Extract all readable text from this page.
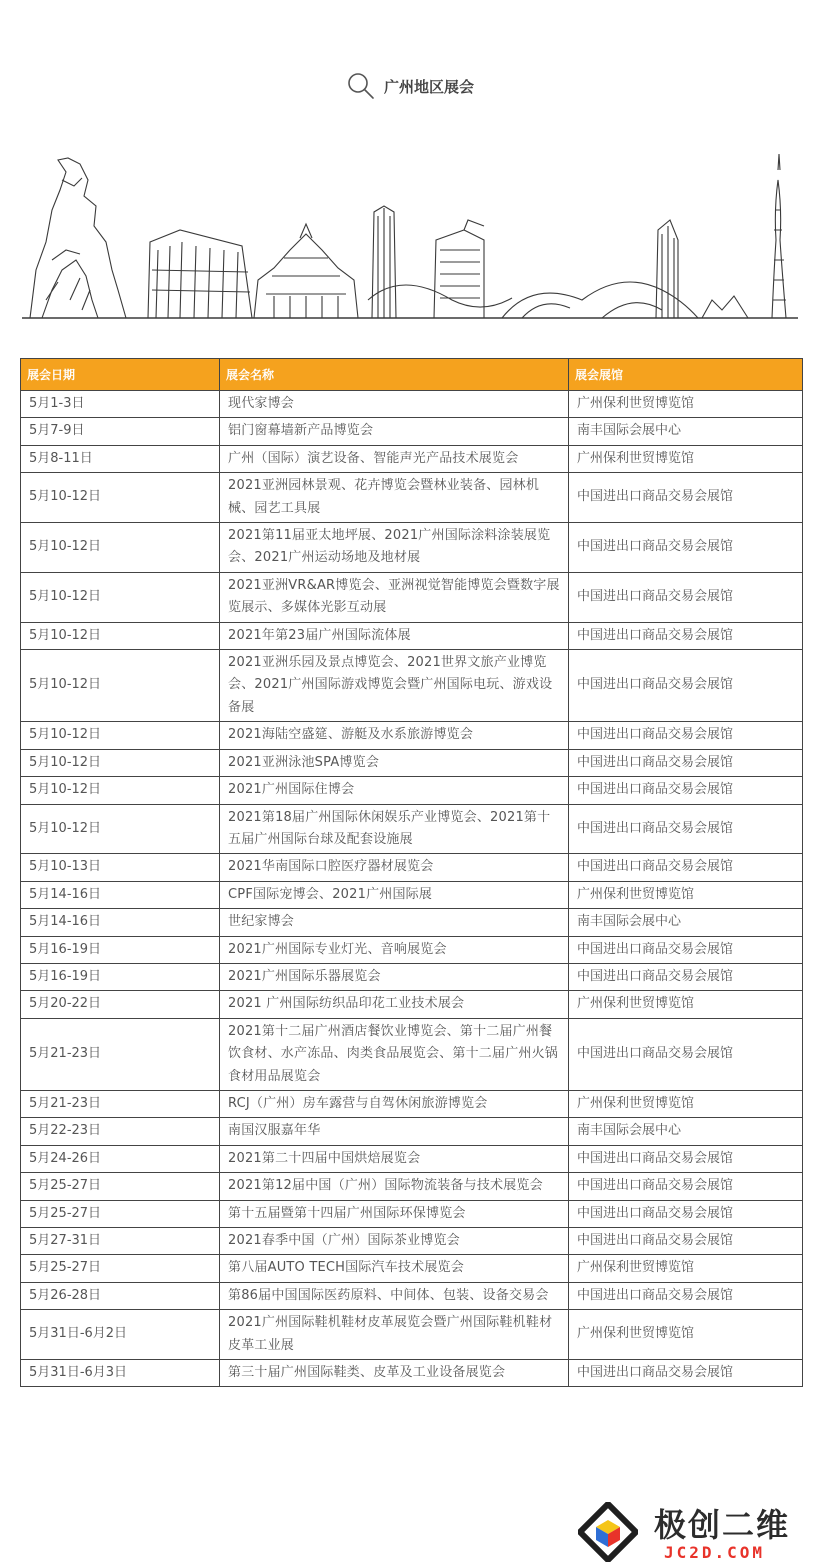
广州地区展会
展会日期	展会名称	展会展馆
5月1-3日	现代家博会	广州保利世贸博览馆
5月7-9日	铝门窗幕墙新产品博览会	南丰国际会展中心
5月8-11日	广州（国际）演艺设备、智能声光产品技术展览会	广州保利世贸博览馆
5月10-12日	2021亚洲园林景观、花卉博览会暨林业装备、园林机械、园艺工具展	中国进出口商品交易会展馆
5月10-12日	2021第11届亚太地坪展、2021广州国际涂料涂装展览会、2021广州运动场地及地材展	中国进出口商品交易会展馆
5月10-12日	2021亚洲VR&AR博览会、亚洲视觉智能博览会暨数字展览展示、多媒体光影互动展	中国进出口商品交易会展馆
5月10-12日	2021年第23届广州国际流体展	中国进出口商品交易会展馆
5月10-12日	2021亚洲乐园及景点博览会、2021世界文旅产业博览会、2021广州国际游戏博览会暨广州国际电玩、游戏设备展	中国进出口商品交易会展馆
5月10-12日	2021海陆空盛筵、游艇及水系旅游博览会	中国进出口商品交易会展馆
5月10-12日	2021亚洲泳池SPA博览会	中国进出口商品交易会展馆
5月10-12日	2021广州国际住博会	中国进出口商品交易会展馆
5月10-12日	2021第18届广州国际休闲娱乐产业博览会、2021第十五届广州国际台球及配套设施展	中国进出口商品交易会展馆
5月10-13日	2021华南国际口腔医疗器材展览会	中国进出口商品交易会展馆
5月14-16日	CPF国际宠博会、2021广州国际展	广州保利世贸博览馆
5月14-16日	世纪家博会	南丰国际会展中心
5月16-19日	2021广州国际专业灯光、音响展览会	中国进出口商品交易会展馆
5月16-19日	2021广州国际乐器展览会	中国进出口商品交易会展馆
5月20-22日	2021 广州国际纺织品印花工业技术展会	广州保利世贸博览馆
5月21-23日	2021第十二届广州酒店餐饮业博览会、第十二届广州餐饮食材、水产冻品、肉类食品展览会、第十二届广州火锅食材用品展览会	中国进出口商品交易会展馆
5月21-23日	RCJ（广州）房车露营与自驾休闲旅游博览会	广州保利世贸博览馆
5月22-23日	南国汉服嘉年华	南丰国际会展中心
5月24-26日	2021第二十四届中国烘焙展览会	中国进出口商品交易会展馆
5月25-27日	2021第12届中国（广州）国际物流装备与技术展览会	中国进出口商品交易会展馆
5月25-27日	第十五届暨第十四届广州国际环保博览会	中国进出口商品交易会展馆
5月27-31日	2021春季中国（广州）国际茶业博览会	中国进出口商品交易会展馆
5月25-27日	第八届AUTO TECH国际汽车技术展览会	广州保利世贸博览馆
5月26-28日	第86届中国国际医药原料、中间体、包装、设备交易会	中国进出口商品交易会展馆
5月31日-6月2日	2021广州国际鞋机鞋材皮革展览会暨广州国际鞋机鞋材皮革工业展	广州保利世贸博览馆
5月31日-6月3日	第三十届广州国际鞋类、皮革及工业设备展览会	中国进出口商品交易会展馆
极创二维
JC2D.COM
